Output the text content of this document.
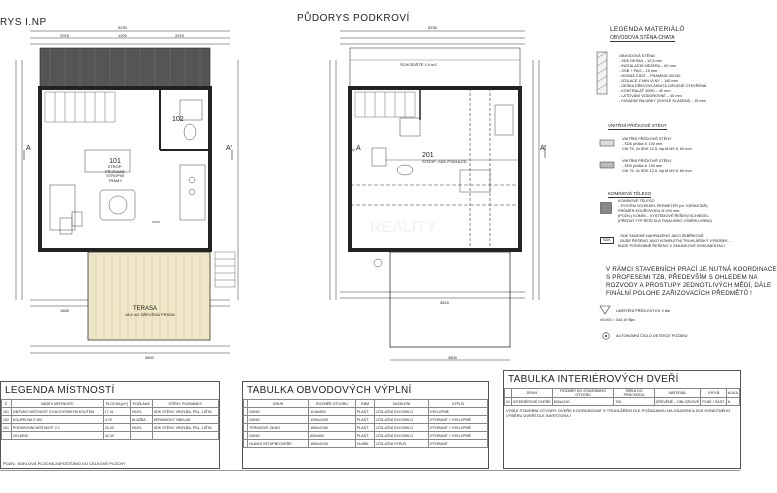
A	A'	A	A'
REALITY
RYS I.NP	PŮDORYS PODKROVÍ
101
STROP: PŘIZNANÉ STROPNÍ TRÁMY
102
201
STROP: SDK PODHLED
TERASA
18,6 m2 DŘEVĚNÁ PRKNA
5230
2015	1200	2015
5230
3800
1865
3815
3800
SCHODIŠTĚ 1,9 m2
LEGENDA MATERIÁLŮ
OBVODOVÁ STĚNA-CHATA
OBVODOVÁ STĚNA:
- SDK DESKA – 12,5 mm
- INSTALAČNÍ MEZERA – 60 mm
- OSB + PAO – 15 mm
- NOSNÁ ČÁST – FRAMING 40/140
- IZOLACE Z MIN VLNY – 140 mm
- DESKA DŘEVOVLÁKNITÁ DIFUZNĚ OTEVŘENÁ
- KONTRALAŤ 30/50 – 40 mm
- LAŤOVÁNÍ VODOROVNÉ – 40 mm
- FASÁDNÍ PALUBKY (SVISLÉ KLADENÍ) – 19 mm
VNITŘNÍ PŘÍČKOVÉ STĚNY
VNITŘNÍ PŘÍČKOVÉ STĚNY
- SDK příčka tl. 100 mm
CW 75, 2x SDK 12,5, vlp.M MV tl. 60 mm
VNITŘNÍ PŘÍČKOVÉ STĚNY
- SDK příčka tl. 100 mm
CW 75, 2x SDK 12,5, vlp.M MV tl. 60 mm
KOMÍNOVÉ TĚLESO
KOMÍNOVÉ TĚLESO
- SYSTÉM SCHIEDEL PERMETER (vč. KERASTAR)
PRŮMĚR KOUŘOVODU Ø 200 mm,
(POZN.) KOMÍN – SYSTÉMOVÉ ŘEŠENÍ SCHIEDEL
(PŘEDAT TYP ŘEŠÍ DLE FINÁLNÍHO VÝBĚRU KRBU)
SDK
- SDK SNADNÉ NAHRAZENO JAKO ŽEBŘÍKOVÉ
- BUDE ŘEŠENO JAKO KOMPLETNÍ TRUHLÁŘSKÝ VÝROBEK –
BUDE PODROBNĚ ŘEŠENO V ZAKÁZKOVÉ DOKUMENTACI
V RÁMCI STAVEBNÍCH PRACÍ JE NUTNÁ KOORDINACE
S PROFESEMI TZB, PŘEDEVŠÍM S OHLEDEM NA
ROZVODY A PROSTUPY JEDNOTLIVÝCH MĚDÍ, DÁLE
FINÁLNÍ POLOHE ZAŘIZOVACÍCH PŘEDMĚTŮ !
UMÍSTĚNÍ PŘÍČKOVÝCH V dle
±0,000 = 344,19 Bpv
AUTONOMNÍ ČIDLO DETEKCE POŽÁRU
LEGENDA MÍSTNOSTÍ
Č.	NÁZEV MÍSTNOSTI	PLOCHA [m²]	PODLAHA	STĚNY, POZNÁMKY
101	OBÝVACÍ MÍSTNOST S KUCHYŇSKÝM KOUTEM	17,41	VINYL	SDK STĚNY, VINYLBA, PDL, LIŠTA
102	KOUPELNA S WC	4,75	DLAŽBA	KERAMICKÝ OBKLAD
201	PODKROVNÍ MÍSTNOST 2.1	20,43	VINYL	SDK STĚNY, VINYLBA, PDL, LIŠTA
	CELKEM	42,49		
POZN.: SOKLOVÁ PLOCHA ZAPOČÍTÁNO DO CELKOVÉ PLOCHY
TABULKA OBVODOVÝCH VÝPLNÍ
	DRUH	ROZMĚR OTVORU	RÁM	ZASKLENÍ	VÝPLŇ
	OKNO	1145x500	PLAST	IZOLAČNÍ DVOJSKLO	VÝKLOPNÉ
	OKNO	1200x1200	PLAST	IZOLAČNÍ DVOJSKLO	OTVÍRAVÉ + VÝKLOPNÉ
	TERASOVÉ OKNO	1500x2150	PLAST	IZOLAČNÍ DVOJSKLO	OTVÍRAVÉ + VÝKLOPNÉ
	OKNO	600x600	PLAST	IZOLAČNÍ DVOJSKLO	OTVÍRAVÉ + VÝKLOPNÉ
	HLAVNÍ VSTUPNÍ DVEŘE	1000x2100	HLINÍK	IZOLAČNÍ VÝPLŇ	OTVÍRAVÉ
TABULKA INTERIÉROVÝCH DVEŘÍ
	DRUH	ROZMĚR DO STAVEBNÍHO OTVORU	ŠÍŘKA DO PRŮCHODU	MATERIÁL	VÝPLŇ	KLIKA
01	INTERIÉROVÉ DVEŘE	800x2100	700	DŘEVĚNÉ – OBLOŽKOVÉ	PLNÉ / ČÁST.	K
VYBÍJÍ STAVEBNÍ OTVORY. DVEŘE KOORDINOVAT S TRUHLÁŘEM DLE POŽADAVKU NA OSAZENÍ A DLE KONEČNÉHO VÝBĚRU DVEŘÍ DLE INVESTORA !
